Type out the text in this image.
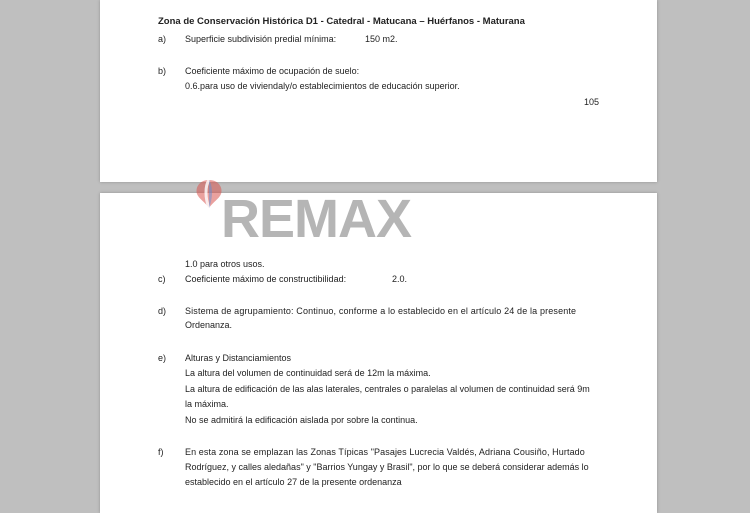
Zona de Conservación Histórica D1 - Catedral - Matucana – Huérfanos - Maturana
a) Superficie subdivisión predial mínima:	150 m2.
b) Coeficiente máximo de ocupación de suelo:
0.6.para uso de viviendaly/o establecimientos de educación superior.
105
1.0 para otros usos.
c) Coeficiente máximo de constructibilidad:	2.0.
d) Sistema de agrupamiento: Continuo, conforme a lo establecido en el artículo 24 de la presente
Ordenanza.
e) Alturas y Distanciamientos
La altura del volumen de continuidad será de 12m la máxima.
La altura de edificación de las alas laterales, centrales o paralelas al volumen de continuidad será 9m
la máxima.
No se admitirá la edificación aislada por sobre la continua.
f) En esta zona se emplazan las Zonas Típicas "Pasajes Lucrecia Valdés, Adriana Cousiño, Hurtado
Rodríguez, y calles aledañas" y "Barrios Yungay y Brasil", por lo que se deberá considerar además lo
establecido en el artículo 27 de la presente ordenanza
REMAX
